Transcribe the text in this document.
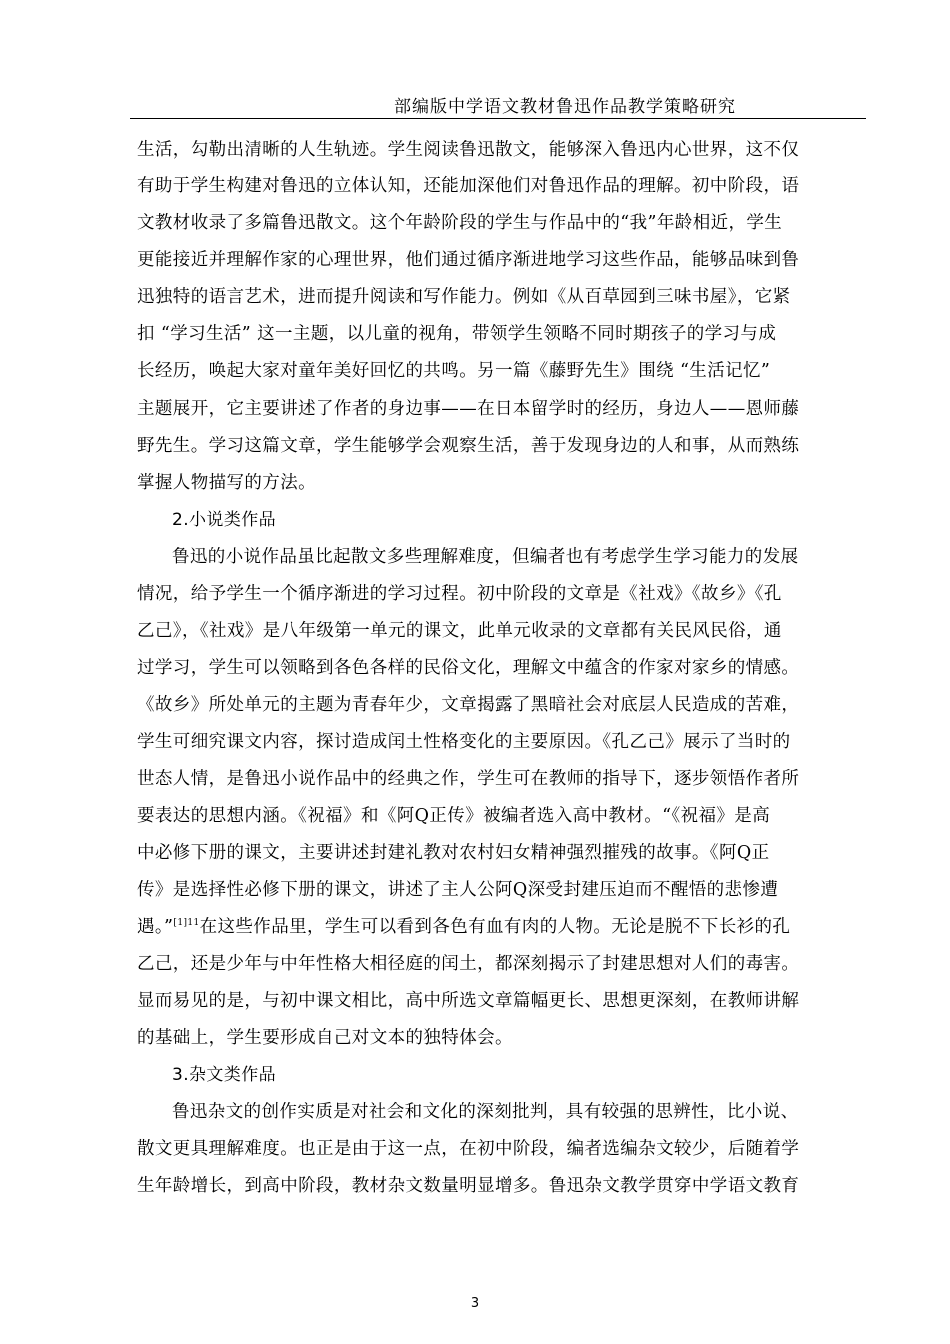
部编版中学语文教材鲁迅作品教学策略研究
生活，勾勒出清晰的人生轨迹。学生阅读鲁迅散文，能够深入鲁迅内心世界，这不仅
有助于学生构建对鲁迅的立体认知，还能加深他们对鲁迅作品的理解。初中阶段，语
文教材收录了多篇鲁迅散文。这个年龄阶段的学生与作品中的“我”年龄相近，学生
更能接近并理解作家的心理世界，他们通过循序渐进地学习这些作品，能够品味到鲁
迅独特的语言艺术，进而提升阅读和写作能力。例如《从百草园到三味书屋》，它紧
扣 “学习生活” 这一主题，以儿童的视角，带领学生领略不同时期孩子的学习与成
长经历，唤起大家对童年美好回忆的共鸣。另一篇《藤野先生》围绕 “生活记忆”
主题展开，它主要讲述了作者的身边事——在日本留学时的经历，身边人——恩师藤
野先生。学习这篇文章，学生能够学会观察生活，善于发现身边的人和事，从而熟练
掌握人物描写的方法。
2.小说类作品
鲁迅的小说作品虽比起散文多些理解难度，但编者也有考虑学生学习能力的发展
情况，给予学生一个循序渐进的学习过程。初中阶段的文章是《社戏》《故乡》《孔
乙己》，《社戏》是八年级第一单元的课文，此单元收录的文章都有关民风民俗，通
过学习，学生可以领略到各色各样的民俗文化，理解文中蕴含的作家对家乡的情感。
《故乡》所处单元的主题为青春年少，文章揭露了黑暗社会对底层人民造成的苦难，
学生可细究课文内容，探讨造成闰土性格变化的主要原因。《孔乙己》展示了当时的
世态人情，是鲁迅小说作品中的经典之作，学生可在教师的指导下，逐步领悟作者所
要表达的思想内涵。《祝福》和《阿Q正传》被编者选入高中教材。“《祝福》是高
中必修下册的课文，主要讲述封建礼教对农村妇女精神强烈摧残的故事。《阿Q正
传》是选择性必修下册的课文，讲述了主人公阿Q深受封建压迫而不醒悟的悲惨遭
遇。”$^{[1]11}$在这些作品里，学生可以看到各色有血有肉的人物。无论是脱不下长衫的孔
乙己，还是少年与中年性格大相径庭的闰土，都深刻揭示了封建思想对人们的毒害。
显而易见的是，与初中课文相比，高中所选文章篇幅更长、思想更深刻，在教师讲解
的基础上，学生要形成自己对文本的独特体会。
3.杂文类作品
鲁迅杂文的创作实质是对社会和文化的深刻批判，具有较强的思辨性，比小说、
散文更具理解难度。也正是由于这一点，在初中阶段，编者选编杂文较少，后随着学
生年龄增长，到高中阶段，教材杂文数量明显增多。鲁迅杂文教学贯穿中学语文教育
3
